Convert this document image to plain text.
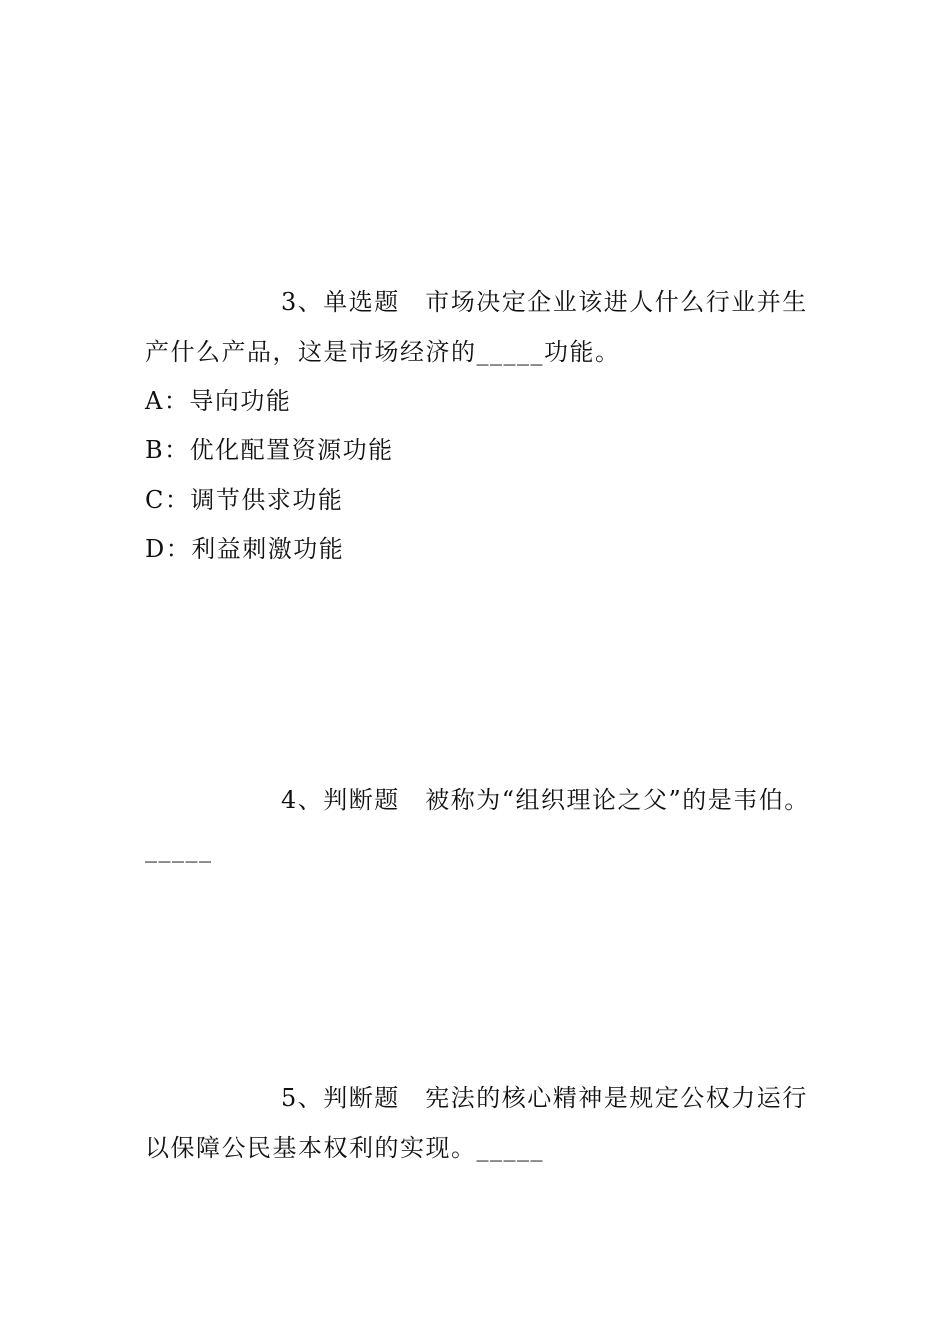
3、单选题　市场决定企业该进人什么行业并生
产什么产品，这是市场经济的_____功能。
A：导向功能
B：优化配置资源功能
C：调节供求功能
D：利益刺激功能
4、判断题　被称为“组织理论之父”的是韦伯。
_____
5、判断题　宪法的核心精神是规定公权力运行
以保障公民基本权利的实现。_____
